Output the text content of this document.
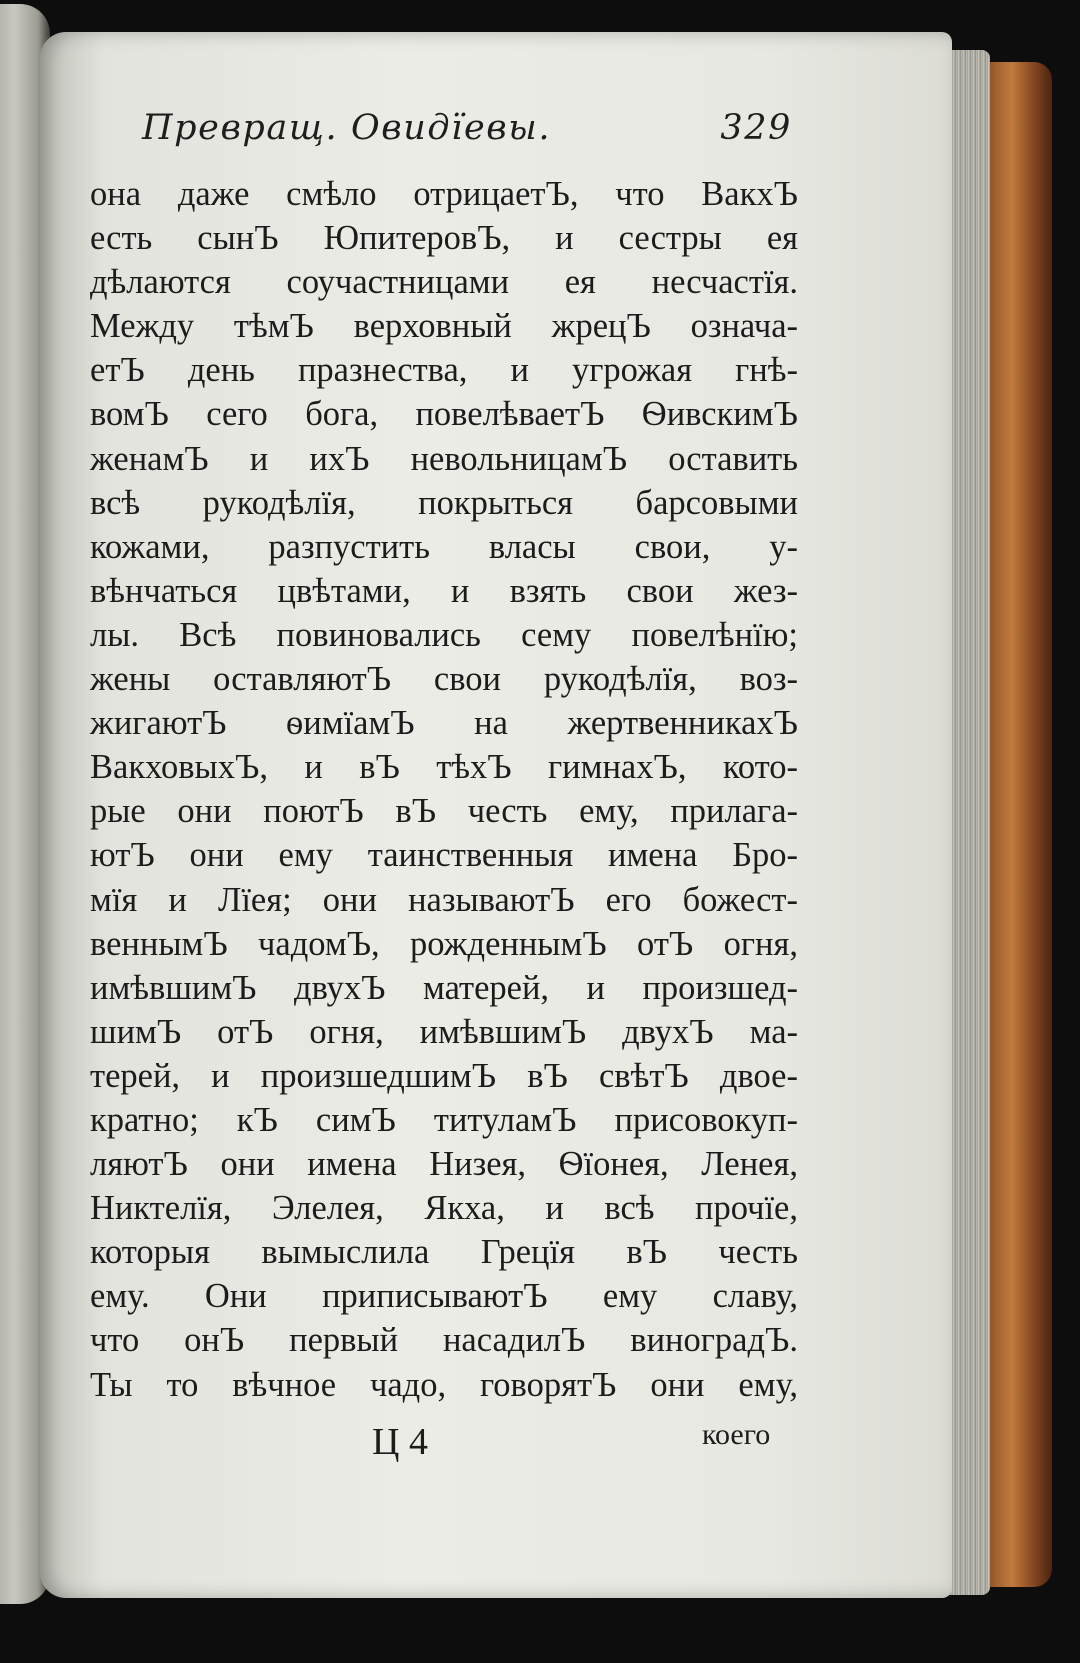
Превращ. Овидїевы.	329
она даже смѣло отрицаетЪ, что ВакхЪ
есть сынЪ ЮпитеровЪ, и сестры ея
дѣлаются соучастницами ея несчастїя.
Между тѣмЪ верховный жрецЪ означа-
етЪ день празнества, и угрожая гнѣ-
вомЪ сего бога, повелѣваетЪ ѲивскимЪ
женамЪ и ихЪ невольницамЪ оставить
всѣ рукодѣлїя, покрыться барсовыми
кожами, разпустить власы свои, у-
вѣнчаться цвѣтами, и взять свои жез-
лы. Всѣ повиновались сему повелѣнїю;
жены оставляютЪ свои рукодѣлїя, воз-
жигаютЪ ѳимїамЪ на жертвенникахЪ
ВакховыхЪ, и вЪ тѣхЪ гимнахЪ, кото-
рые они поютЪ вЪ честь ему, прилага-
ютЪ они ему таинственныя имена Бро-
мїя и Лїея; они называютЪ его божест-
веннымЪ чадомЪ, рожденнымЪ отЪ огня,
имѣвшимЪ двухЪ матерей, и произшед-
шимЪ отЪ огня, имѣвшимЪ двухЪ ма-
терей, и произшедшимЪ вЪ свѣтЪ двое-
кратно; кЪ симЪ титуламЪ присовокуп-
ляютЪ они имена Низея, Ѳїонея, Ленея,
Никтелїя, Элелея, Якха, и всѣ прочїе,
которыя вымыслила Грецїя вЪ честь
ему. Они приписываютЪ ему славу,
что онЪ первый насадилЪ виноградЪ.
Ты то вѣчное чадо, говорятЪ они ему,
Ц 4	коего
